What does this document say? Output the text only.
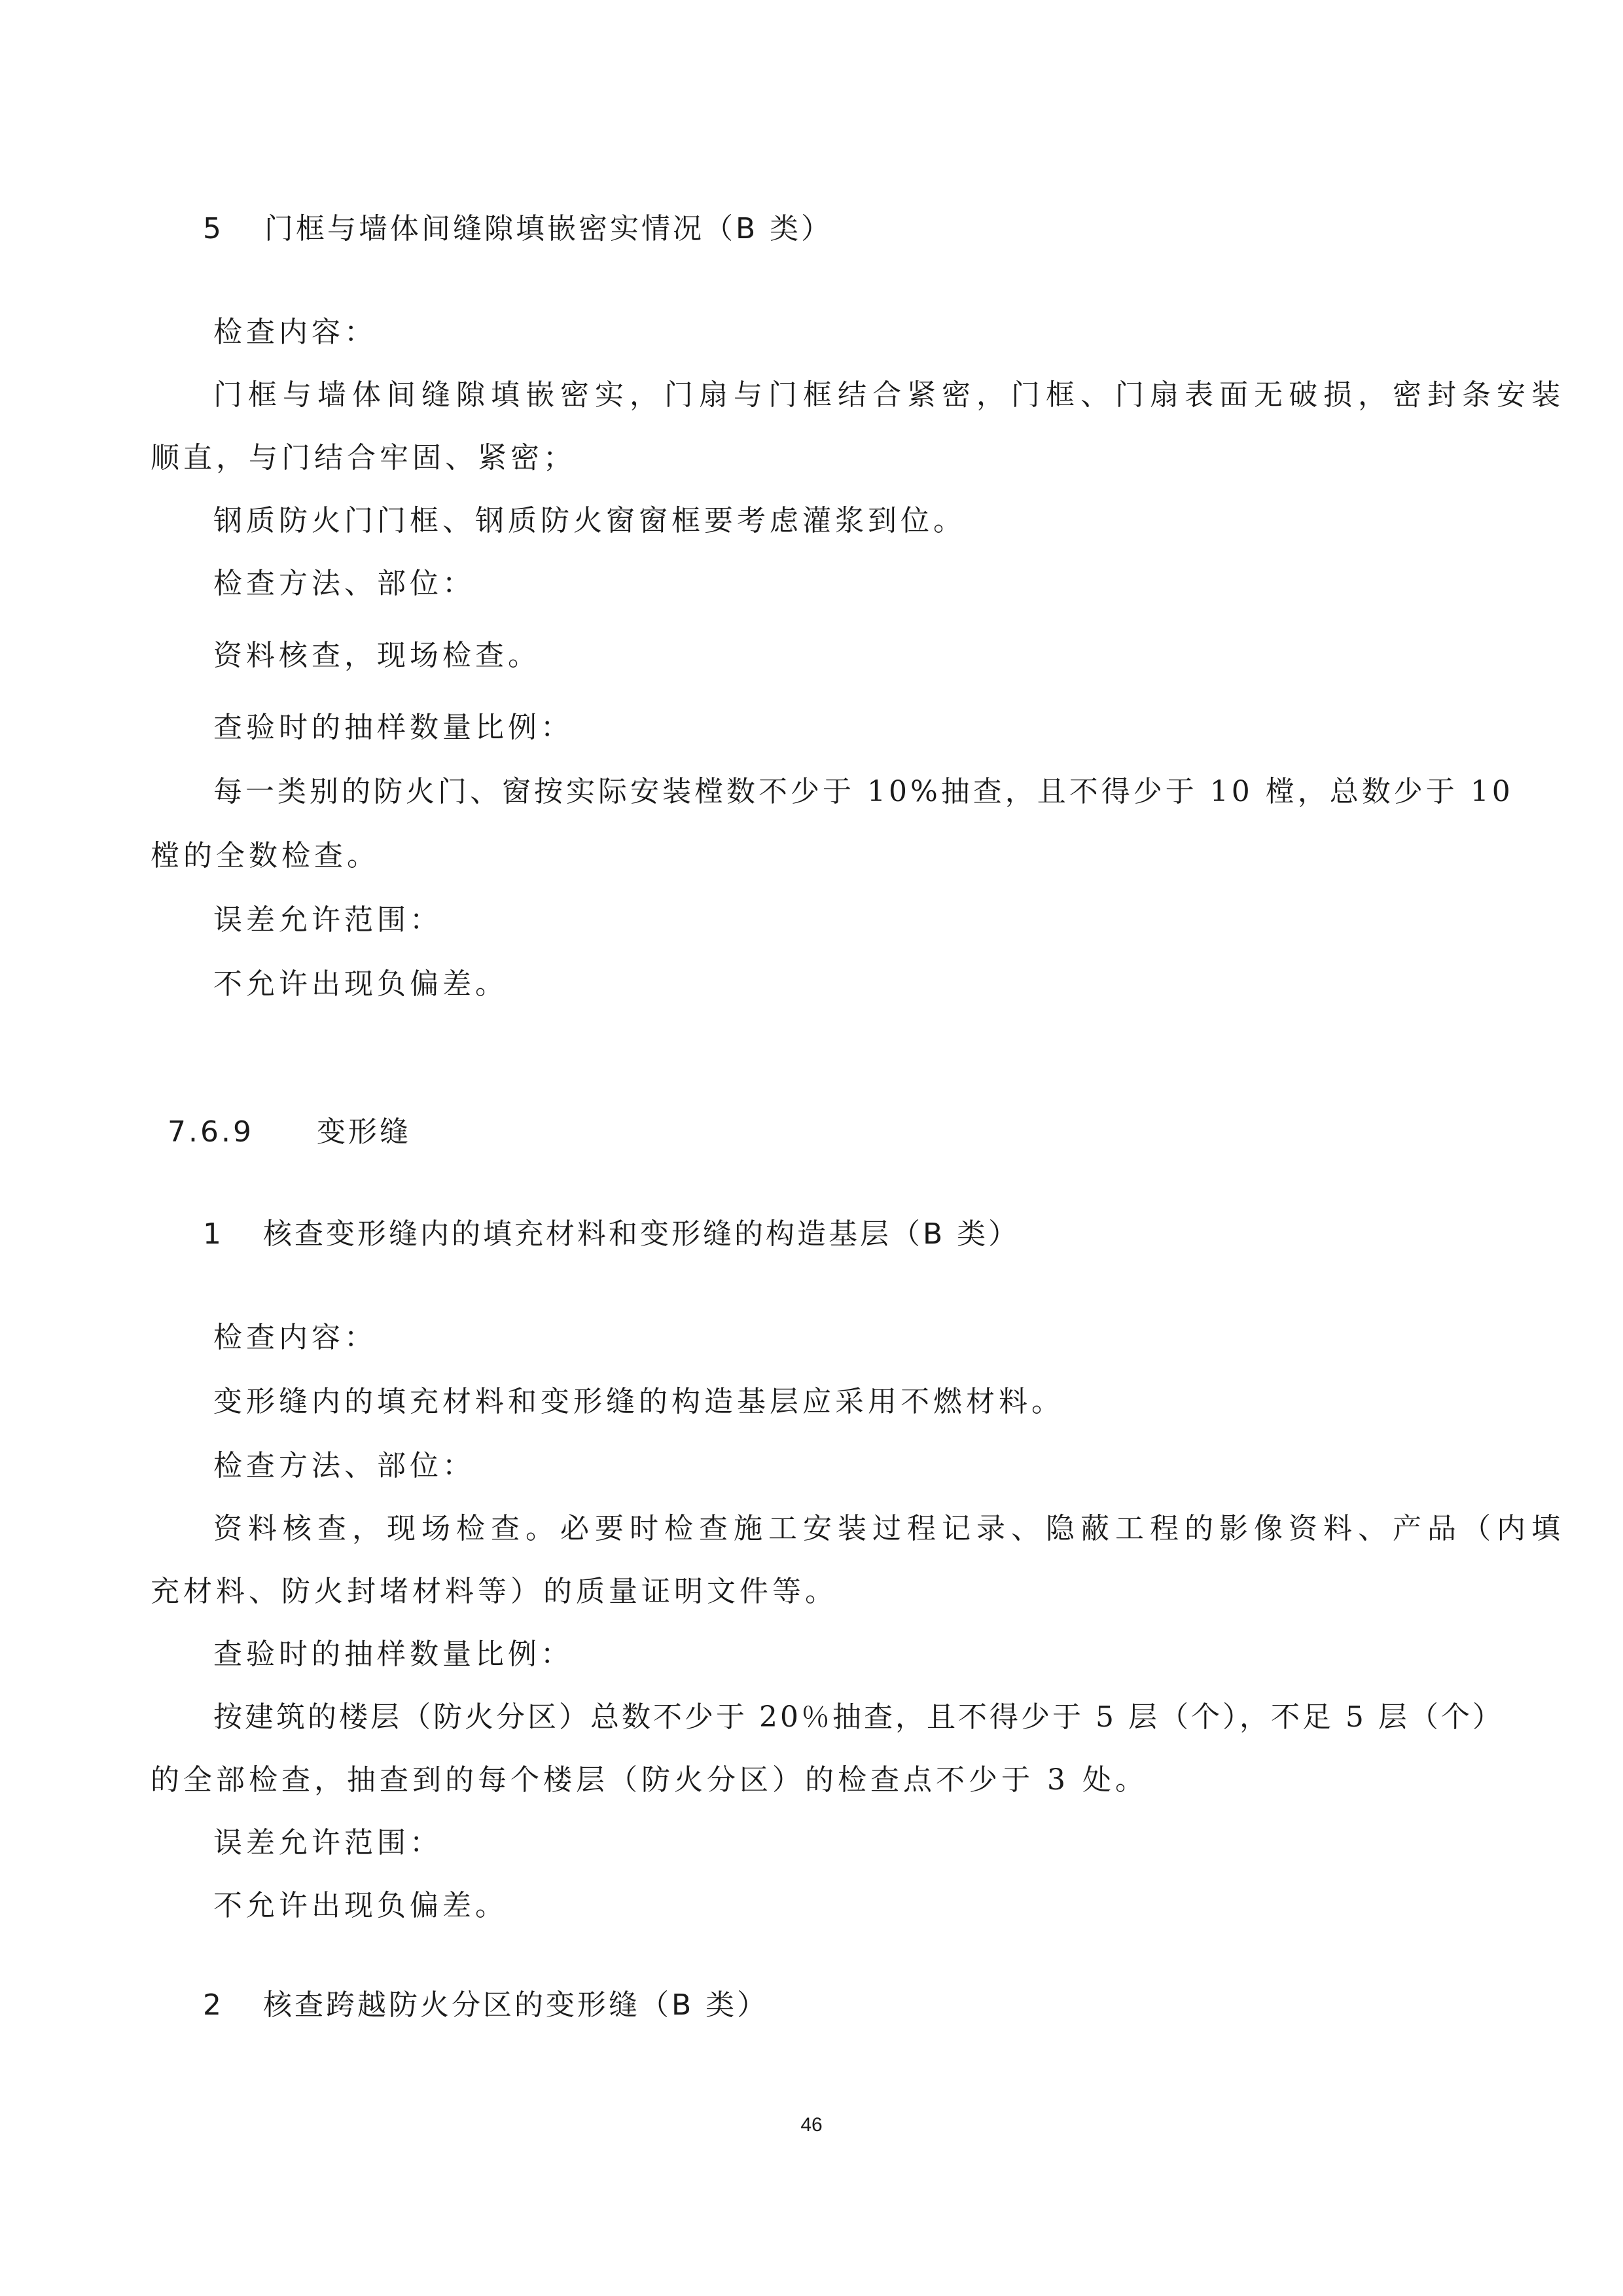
5 门框与墙体间缝隙填嵌密实情况（B 类）
检查内容：
门框与墙体间缝隙填嵌密实，门扇与门框结合紧密，门框、门扇表面无破损，密封条安装
顺直，与门结合牢固、紧密；
钢质防火门门框、钢质防火窗窗框要考虑灌浆到位。
检查方法、部位：
资料核查，现场检查。
查验时的抽样数量比例：
每一类别的防火门、窗按实际安装樘数不少于 10%抽查，且不得少于 10 樘，总数少于 10
樘的全数检查。
误差允许范围：
不允许出现负偏差。
7.6.9 变形缝
1 核查变形缝内的填充材料和变形缝的构造基层（B 类）
检查内容：
变形缝内的填充材料和变形缝的构造基层应采用不燃材料。
检查方法、部位：
资料核查，现场检查。必要时检查施工安装过程记录、隐蔽工程的影像资料、产品（内填
充材料、防火封堵材料等）的质量证明文件等。
查验时的抽样数量比例：
按建筑的楼层（防火分区）总数不少于 20％抽查，且不得少于 5 层（个），不足 5 层（个）
的全部检查，抽查到的每个楼层（防火分区）的检查点不少于 3 处。
误差允许范围：
不允许出现负偏差。
2 核查跨越防火分区的变形缝（B 类）
46
